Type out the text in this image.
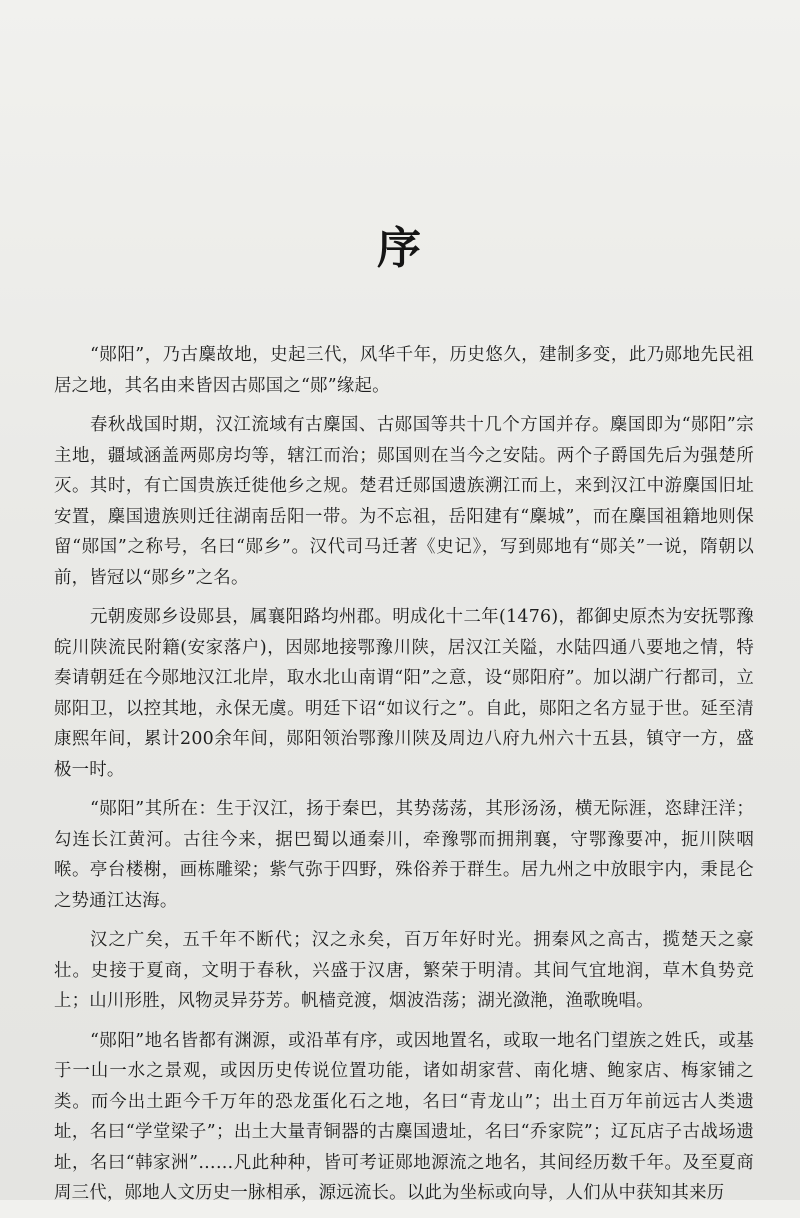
序

“郧阳”，乃古麇故地，史起三代，风华千年，历史悠久，建制多变，此乃郧地先民祖居之地，其名由来皆因古郧国之“郧”缘起。

春秋战国时期，汉江流域有古麇国、古郧国等共十几个方国并存。麇国即为“郧阳”宗主地，疆域涵盖两郧房均等，辖江而治；郧国则在当今之安陆。两个子爵国先后为强楚所灭。其时，有亡国贵族迁徙他乡之规。楚君迁郧国遗族溯江而上，来到汉江中游麇国旧址安置，麇国遗族则迁往湖南岳阳一带。为不忘祖，岳阳建有“麇城”，而在麇国祖籍地则保留“郧国”之称号，名曰“郧乡”。汉代司马迁著《史记》，写到郧地有“郧关”一说，隋朝以前，皆冠以“郧乡”之名。

元朝废郧乡设郧县，属襄阳路均州郡。明成化十二年(1476)，都御史原杰为安抚鄂豫皖川陕流民附籍(安家落户)，因郧地接鄂豫川陕，居汉江关隘，水陆四通八要地之情，特奏请朝廷在今郧地汉江北岸，取水北山南谓“阳”之意，设“郧阳府”。加以湖广行都司，立郧阳卫，以控其地，永保无虞。明廷下诏“如议行之”。自此，郧阳之名方显于世。延至清康熙年间，累计200余年间，郧阳领治鄂豫川陕及周边八府九州六十五县，镇守一方，盛极一时。

“郧阳”其所在：生于汉江，扬于秦巴，其势荡荡，其形汤汤，横无际涯，恣肆汪洋；勾连长江黄河。古往今来，据巴蜀以通秦川，牵豫鄂而拥荆襄，守鄂豫要冲，扼川陕咽喉。亭台楼榭，画栋雕梁；紫气弥于四野，殊俗养于群生。居九州之中放眼宇内，秉昆仑之势通江达海。

汉之广矣，五千年不断代；汉之永矣，百万年好时光。拥秦风之高古，揽楚天之豪壮。史接于夏商，文明于春秋，兴盛于汉唐，繁荣于明清。其间气宜地润，草木負势竞上；山川形胜，风物灵异芬芳。帆樯竞渡，烟波浩荡；湖光潋滟，渔歌晚唱。

“郧阳”地名皆都有渊源，或沿革有序，或因地置名，或取一地名门望族之姓氏，或基于一山一水之景观，或因历史传说位置功能，诸如胡家营、南化塘、鲍家店、梅家铺之类。而今出土距今千万年的恐龙蛋化石之地，名曰“青龙山”；出土百万年前远古人类遗址，名曰“学堂梁子”；出土大量青铜器的古麇国遗址，名曰“乔家院”；辽瓦店子古战场遗址，名曰“韩家洲”……凡此种种，皆可考证郧地源流之地名，其间经历数千年。及至夏商周三代，郧地人文历史一脉相承，源远流长。以此为坐标或向导，人们从中获知其来历
